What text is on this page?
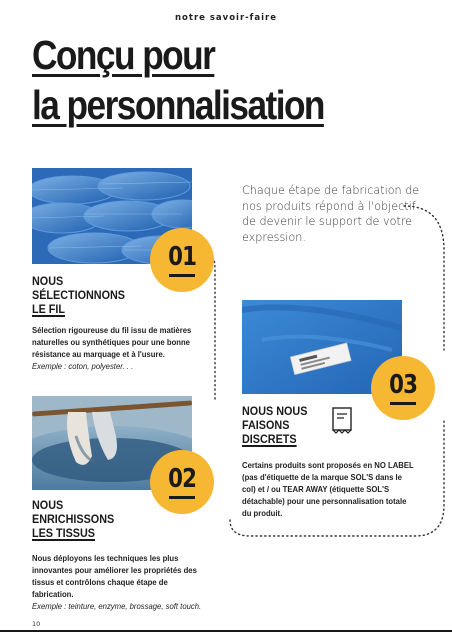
notre savoir-faire
Conçu pour
la personnalisation
Chaque étape de fabrication de nos produits répond à l'objectif de devenir le support de votre expression.
01
NOUS
SÉLECTIONNONS
LE FIL
Sélection rigoureuse du fil issu de matières naturelles ou synthétiques pour une bonne résistance au marquage et à l'usure.
Exemple : coton, polyester. . .
03
NOUS NOUS
FAISONS
DISCRETS
Certains produits sont proposés en NO LABEL (pas d'étiquette de la marque SOL'S dans le col) et / ou TEAR AWAY (étiquette SOL'S détachable) pour une personnalisation totale du produit.
02
NOUS
ENRICHISSONS
LES TISSUS
Nous déployons les techniques les plus innovantes pour améliorer les propriétés des tissus et contrôlons chaque étape de fabrication.
Exemple : teinture, enzyme, brossage, soft touch.
10
